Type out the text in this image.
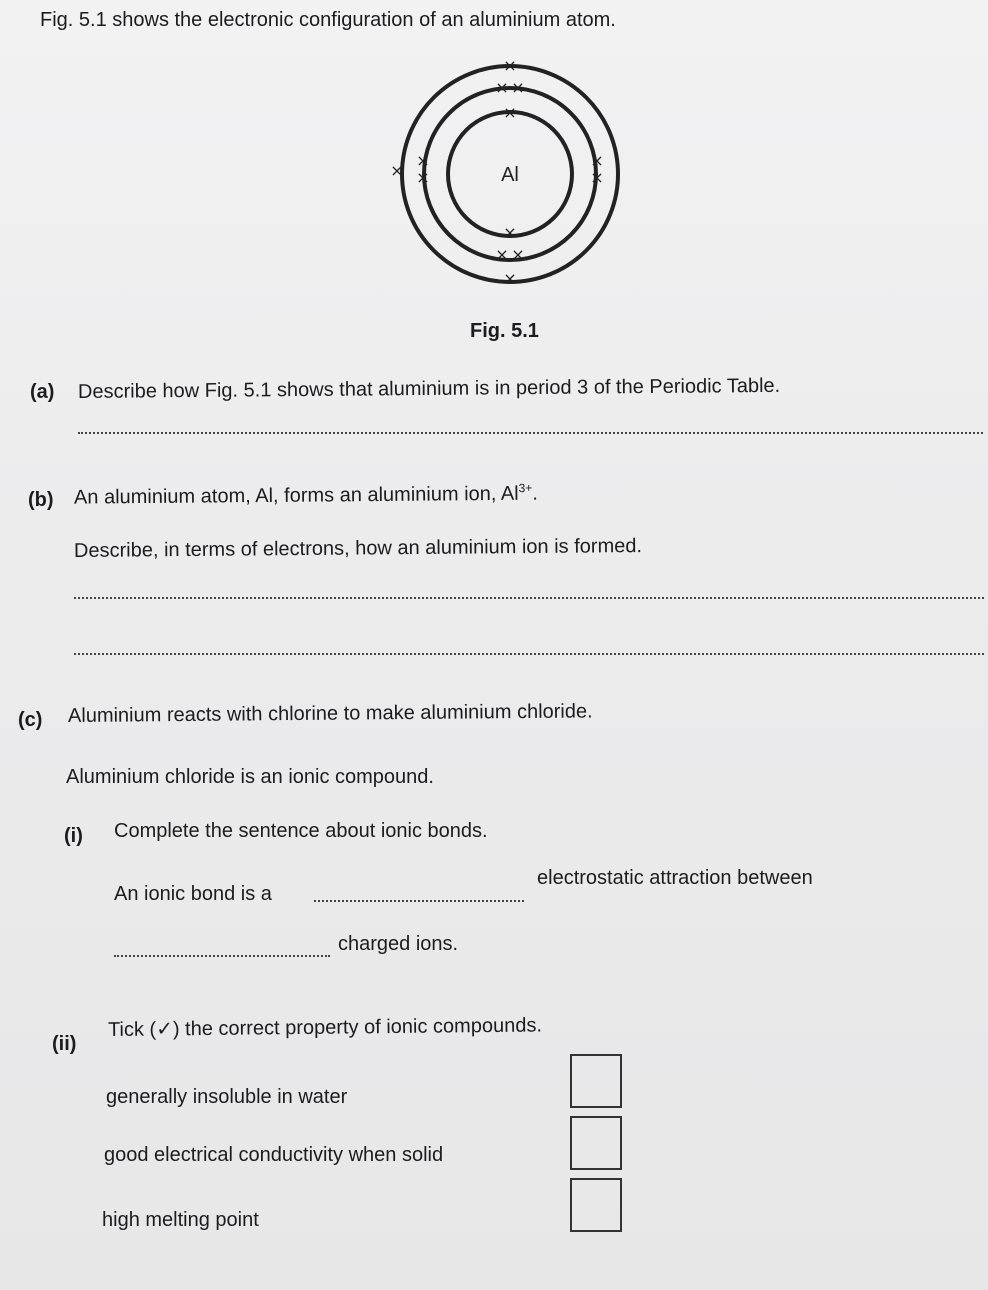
Fig. 5.1 shows the electronic configuration of an aluminium atom.
×
×
×
× ×
×
×
×
×
× ×
×
×
Al
Fig. 5.1
(a) Describe how Fig. 5.1 shows that aluminium is in period 3 of the Periodic Table.
(b) An aluminium atom, Al, forms an aluminium ion, $Al^{3+}$.
Describe, in terms of electrons, how an aluminium ion is formed.
(c) Aluminium reacts with chlorine to make aluminium chloride.
Aluminium chloride is an ionic compound.
(i) Complete the sentence about ionic bonds.
An ionic bond is a
electrostatic attraction between
charged ions.
(ii)
Tick (✓) the correct property of ionic compounds.
generally insoluble in water
good electrical conductivity when solid
high melting point
